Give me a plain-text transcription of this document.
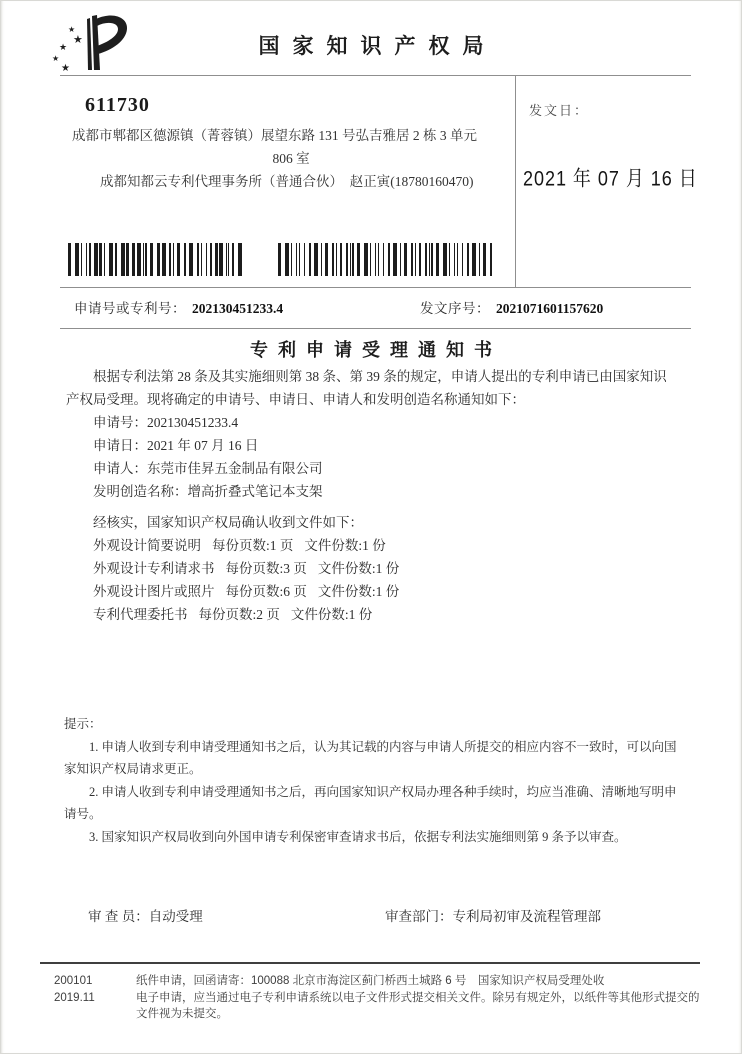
★
★
★
★
★
国家知识产权局
发文日：
2021 年 07 月 16 日
611730
成都市郫都区德源镇（菁蓉镇）展望东路 131 号弘吉雅居 2 栋 3 单元
806 室
成都知都云专利代理事务所（普通合伙）　赵正寅(18780160470)
申请号或专利号： 202130451233.4	发文序号： 2021071601157620
专利申请受理通知书

根据专利法第 28 条及其实施细则第 38 条、第 39 条的规定，申请人提出的专利申请已由国家知识产权局受理。现将确定的申请号、申请日、申请人和发明创造名称通知如下：

申请号：202130451233.4

申请日：2021 年 07 月 16 日

申请人：东莞市佳昇五金制品有限公司

发明创造名称：增高折叠式笔记本支架

经核实，国家知识产权局确认收到文件如下：

外观设计简要说明 每份页数:1 页 文件份数:1 份

外观设计专利请求书 每份页数:3 页 文件份数:1 份

外观设计图片或照片 每份页数:6 页 文件份数:1 份

专利代理委托书 每份页数:2 页 文件份数:1 份

提示：

1. 申请人收到专利申请受理通知书之后，认为其记载的内容与申请人所提交的相应内容不一致时，可以向国家知识产权局请求更正。

2. 申请人收到专利申请受理通知书之后，再向国家知识产权局办理各种手续时，均应当准确、清晰地写明申请号。

3. 国家知识产权局收到向外国申请专利保密审查请求书后，依据专利法实施细则第 9 条予以审查。

审 查 员：自动受理	审查部门：专利局初审及流程管理部
200101	纸件申请，回函请寄：100088 北京市海淀区蓟门桥西土城路 6 号　国家知识产权局受理处收
2019.11	电子申请，应当通过电子专利申请系统以电子文件形式提交相关文件。除另有规定外，以纸件等其他形式提交的文件视为未提交。
